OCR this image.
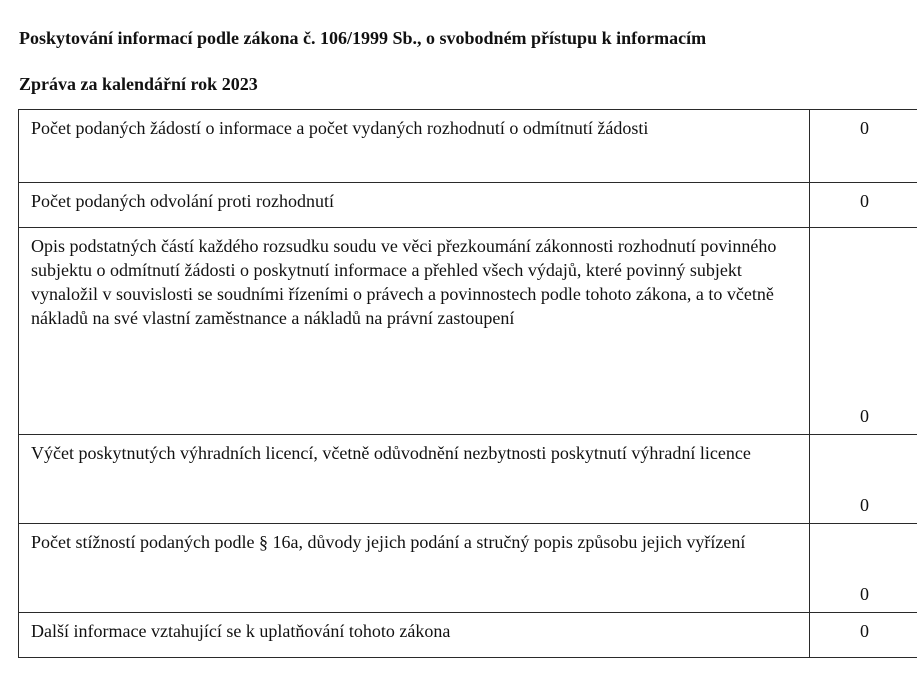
Poskytování informací podle zákona č. 106/1999 Sb., o svobodném přístupu k informacím
Zpráva za kalendářní rok 2023
Počet podaných žádostí o informace a počet vydaných rozhodnutí o odmítnutí žádosti	0

Počet podaných odvolání proti rozhodnutí	0

Opis podstatných částí každého rozsudku soudu ve věci přezkoumání zákonnosti rozhodnutí povinného subjektu o odmítnutí žádosti o poskytnutí informace a přehled všech výdajů, které povinný subjekt vynaložil v souvislosti se soudními řízeními o právech a povinnostech podle tohoto zákona, a to včetně nákladů na své vlastní zaměstnance a nákladů na právní zastoupení	0

Výčet poskytnutých výhradních licencí, včetně odůvodnění nezbytnosti poskytnutí výhradní licence	0

Počet stížností podaných podle § 16a, důvody jejich podání a stručný popis způsobu jejich vyřízení	0

Další informace vztahující se k uplatňování tohoto zákona	0
